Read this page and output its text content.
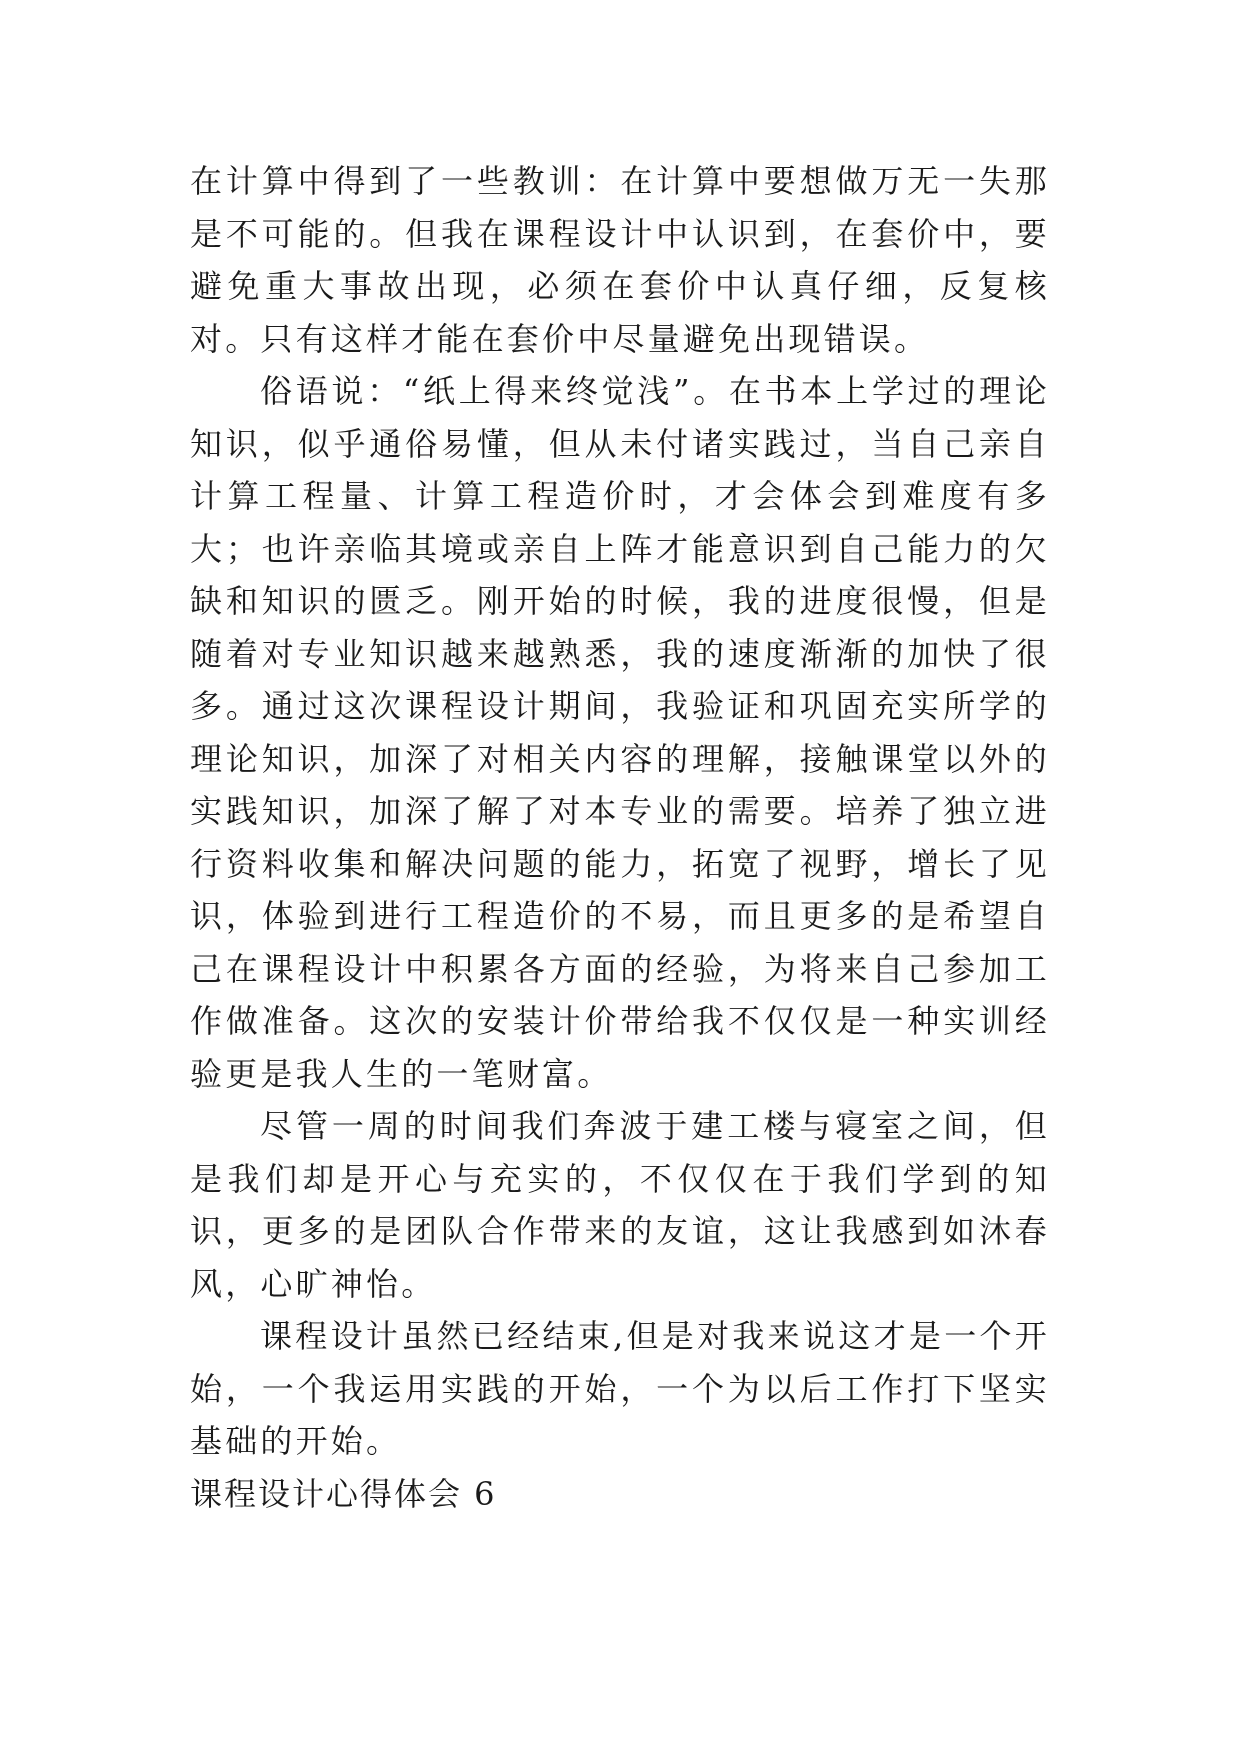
在计算中得到了一些教训：在计算中要想做万无一失那是不可能的。但我在课程设计中认识到，在套价中，要避免重大事故出现，必须在套价中认真仔细，反复核对。只有这样才能在套价中尽量避免出现错误。

俗语说：“纸上得来终觉浅”。在书本上学过的理论知识，似乎通俗易懂，但从未付诸实践过，当自己亲自计算工程量、计算工程造价时，才会体会到难度有多大；也许亲临其境或亲自上阵才能意识到自己能力的欠缺和知识的匮乏。刚开始的时候，我的进度很慢，但是随着对专业知识越来越熟悉，我的速度渐渐的加快了很多。通过这次课程设计期间，我验证和巩固充实所学的理论知识，加深了对相关内容的理解，接触课堂以外的实践知识，加深了解了对本专业的需要。培养了独立进行资料收集和解决问题的能力，拓宽了视野，增长了见识，体验到进行工程造价的不易，而且更多的是希望自己在课程设计中积累各方面的经验，为将来自己参加工作做准备。这次的安装计价带给我不仅仅是一种实训经验更是我人生的一笔财富。

尽管一周的时间我们奔波于建工楼与寝室之间，但是我们却是开心与充实的，不仅仅在于我们学到的知识，更多的是团队合作带来的友谊，这让我感到如沐春风，心旷神怡。

课程设计虽然已经结束,但是对我来说这才是一个开始，一个我运用实践的开始，一个为以后工作打下坚实基础的开始。

课程设计心得体会 6
